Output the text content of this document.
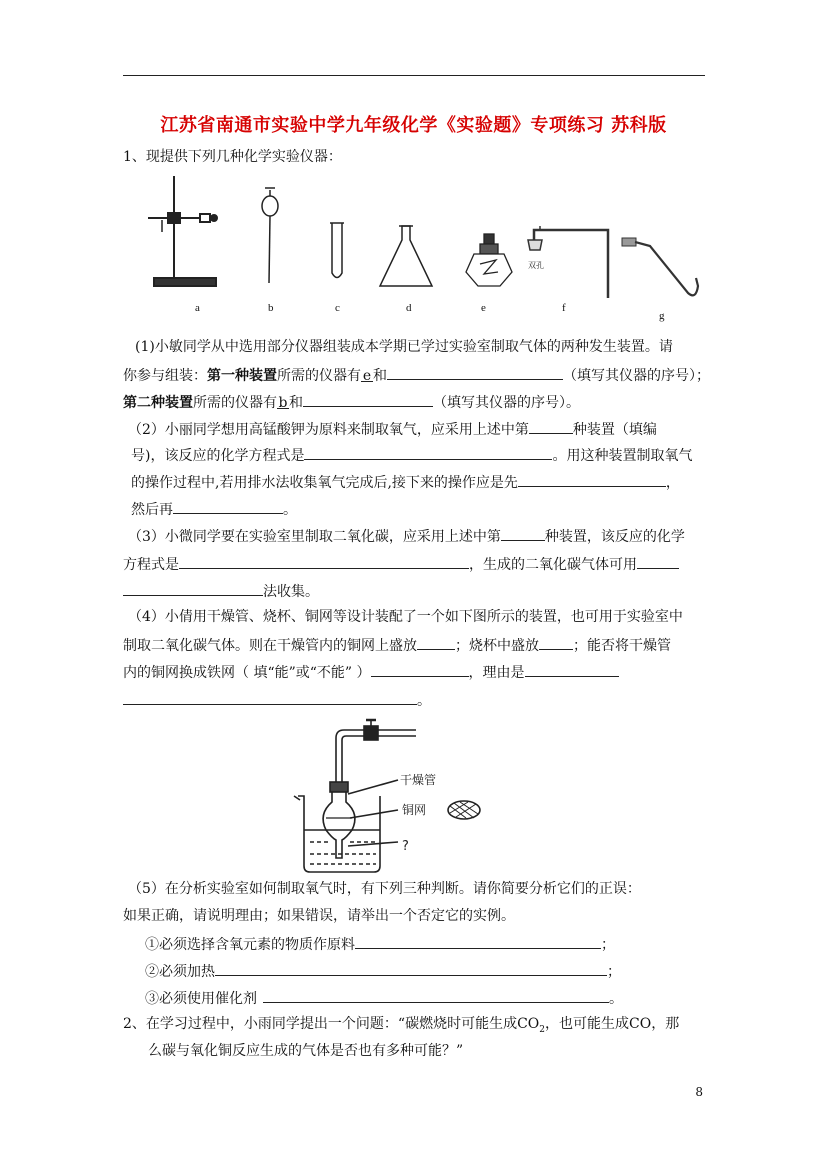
江苏省南通市实验中学九年级化学《实验题》专项练习 苏科版
1、现提供下列几种化学实验仪器：
双孔
a	b	c	d	e	f
g
(1)小敏同学从中选用部分仪器组装成本学期已学过实验室制取气体的两种发生装置。请
你参与组装：第一种装置所需的仪器有 e 和	（填写其仪器的序号）；
第二种装置所需的仪器有 b 和	（填写其仪器的序号）。
（2）小丽同学想用高锰酸钾为原料来制取氧气，应采用上述中第	种装置（填编
号)，该反应的化学方程式是	。用这种装置制取氧气
的操作过程中,若用排水法收集氧气完成后,接下来的操作应是先	，
然后再	。
（3）小微同学要在实验室里制取二氧化碳，应采用上述中第	种装置，该反应的化学
方程式是	，生成的二氧化碳气体可用
法收集。
（4）小倩用干燥管、烧杯、铜网等设计装配了一个如下图所示的装置，也可用于实验室中
制取二氧化碳气体。则在干燥管内的铜网上盛放	；烧杯中盛放 ；能否将干燥管
内的铜网换成铁网（ 填“能”或“不能” ）	，理由是
。
干燥管
铜网
?
（5）在分析实验室如何制取氧气时，有下列三种判断。请你简要分析它们的正误：
如果正确，请说明理由；如果错误，请举出一个否定它的实例。
①必须选择含氧元素的物质作原料	；
②必须加热	；
③必须使用催化剂	。
2、在学习过程中，小雨同学提出一个问题：“碳燃烧时可能生成$CO_2$，也可能生成CO，那
么碳与氧化铜反应生成的气体是否也有多种可能？”
8
